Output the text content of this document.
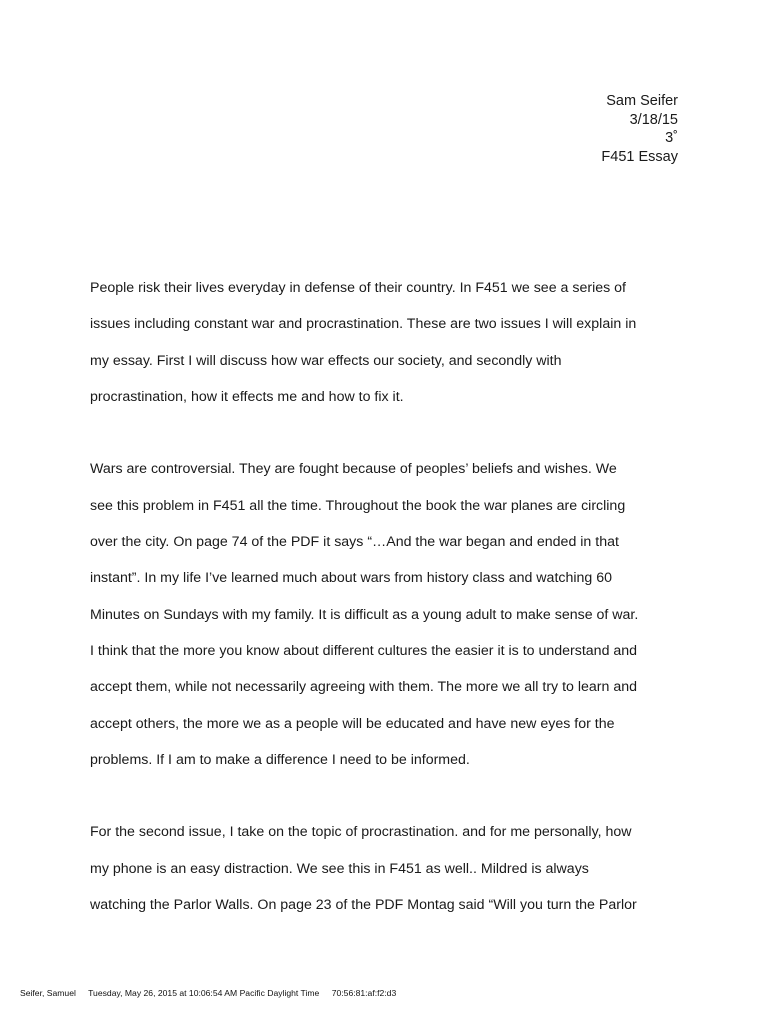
Sam Seifer
3/18/15
3˚
F451 Essay

People risk their lives everyday in defense of their country. In F451 we see a series of
issues including constant war and procrastination. These are two issues I will explain in
my essay. First I will discuss how war effects our society, and secondly with
procrastination, how it effects me and how to fix it.

Wars are controversial. They are fought because of peoples’ beliefs and wishes. We
see this problem in F451 all the time. Throughout the book the war planes are circling
over the city. On page 74 of the PDF it says “…And the war began and ended in that
instant”. In my life I’ve learned much about wars from history class and watching 60
Minutes on Sundays with my family. It is difficult as a young adult to make sense of war.
I think that the more you know about different cultures the easier it is to understand and
accept them, while not necessarily agreeing with them. The more we all try to learn and
accept others, the more we as a people will be educated and have new eyes for the
problems. If I am to make a difference I need to be informed.

For the second issue, I take on the topic of procrastination. and for me personally, how
my phone is an easy distraction. We see this in F451 as well.. Mildred is always
watching the Parlor Walls. On page 23 of the PDF Montag said “Will you turn the Parlor

Seifer, Samuel Tuesday, May 26, 2015 at 10:06:54 AM Pacific Daylight Time 70:56:81:af:f2:d3
